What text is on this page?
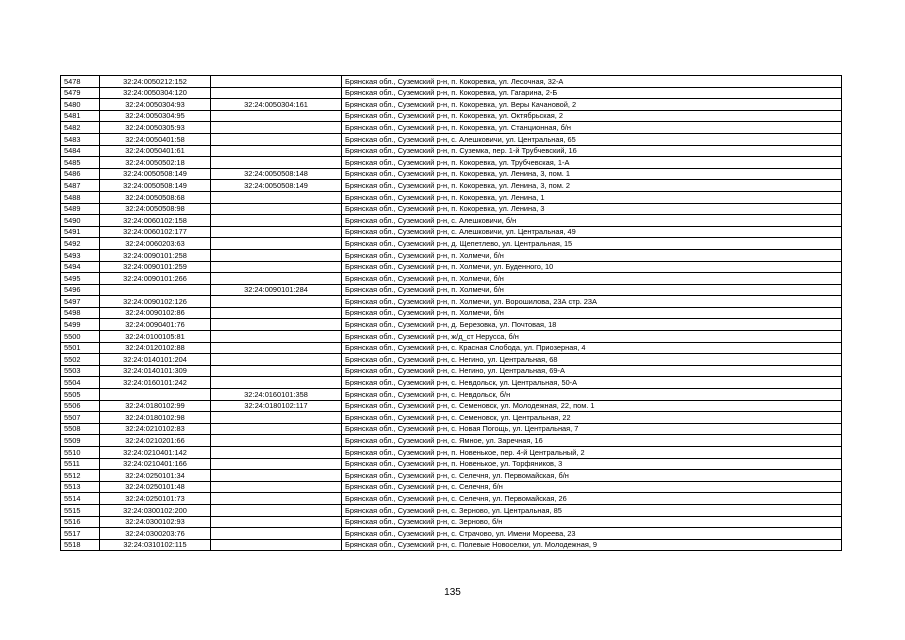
5478	32:24:0050212:152		Брянская обл., Суземский р-н, п. Кокоревка, ул. Лесочная, 32-А
5479	32:24:0050304:120		Брянская обл., Суземский р-н, п. Кокоревка, ул. Гагарина, 2-Б
5480	32:24:0050304:93	32:24:0050304:161	Брянская обл., Суземский р-н, п. Кокоревка, ул. Веры Качановой, 2
5481	32:24:0050304:95		Брянская обл., Суземский р-н, п. Кокоревка, ул. Октябрьская, 2
5482	32:24:0050305:93		Брянская обл., Суземский р-н, п. Кокоревка, ул. Станционная, б/н
5483	32:24:0050401:58		Брянская обл., Суземский р-н, с. Алешковичи, ул. Центральная, 65
5484	32:24:0050401:61		Брянская обл., Суземский р-н, п. Суземка, пер. 1-й Трубчевский, 16
5485	32:24:0050502:18		Брянская обл., Суземский р-н, п. Кокоревка, ул. Трубчевская, 1-А
5486	32:24:0050508:149	32:24:0050508:148	Брянская обл., Суземский р-н, п. Кокоревка, ул. Ленина, 3, пом. 1
5487	32:24:0050508:149	32:24:0050508:149	Брянская обл., Суземский р-н, п. Кокоревка, ул. Ленина, 3, пом. 2
5488	32:24:0050508:68		Брянская обл., Суземский р-н, п. Кокоревка, ул. Ленина, 1
5489	32:24:0050508:98		Брянская обл., Суземский р-н, п. Кокоревка, ул. Ленина, 3
5490	32:24:0060102:158		Брянская обл., Суземский р-н, с. Алешковичи, б/н
5491	32:24:0060102:177		Брянская обл., Суземский р-н, с. Алешковичи, ул. Центральная, 49
5492	32:24:0060203:63		Брянская обл., Суземский р-н, д. Щепетлево, ул. Центральная, 15
5493	32:24:0090101:258		Брянская обл., Суземский р-н, п. Холмечи, б/н
5494	32:24:0090101:259		Брянская обл., Суземский р-н, п. Холмечи, ул. Буденного, 10
5495	32:24:0090101:266		Брянская обл., Суземский р-н, п. Холмечи, б/н
5496		32:24:0090101:284	Брянская обл., Суземский р-н, п. Холмечи, б/н
5497	32:24:0090102:126		Брянская обл., Суземский р-н, п. Холмечи, ул. Ворошилова, 23А стр. 23А
5498	32:24:0090102:86		Брянская обл., Суземский р-н, п. Холмечи, б/н
5499	32:24:0090401:76		Брянская обл., Суземский р-н, д. Березовка, ул. Почтовая, 18
5500	32:24:0100105:81		Брянская обл., Суземский р-н, ж/д_ст Нерусса, б/н
5501	32:24:0120102:88		Брянская обл., Суземский р-н, с. Красная Слобода, ул. Приозерная, 4
5502	32:24:0140101:204		Брянская обл., Суземский р-н, с. Негино, ул. Центральная, 68
5503	32:24:0140101:309		Брянская обл., Суземский р-н, с. Негино, ул. Центральная, 69-А
5504	32:24:0160101:242		Брянская обл., Суземский р-н, с. Невдольск, ул. Центральная, 50-А
5505		32:24:0160101:358	Брянская обл., Суземский р-н, с. Невдольск, б/н
5506	32:24:0180102:99	32:24:0180102:117	Брянская обл., Суземский р-н, с. Семеновск, ул. Молодежная, 22, пом. 1
5507	32:24:0180102:98		Брянская обл., Суземский р-н, с. Семеновск, ул. Центральная, 22
5508	32:24:0210102:83		Брянская обл., Суземский р-н, с. Новая Погощь, ул. Центральная, 7
5509	32:24:0210201:66		Брянская обл., Суземский р-н, с. Ямное, ул. Заречная, 16
5510	32:24:0210401:142		Брянская обл., Суземский р-н, п. Новенькое, пер. 4-й Центральный, 2
5511	32:24:0210401:166		Брянская обл., Суземский р-н, п. Новенькое, ул. Торфяников, 3
5512	32:24:0250101:34		Брянская обл., Суземский р-н, с. Селечня, ул. Первомайская, б/н
5513	32:24:0250101:48		Брянская обл., Суземский р-н, с. Селечня, б/н
5514	32:24:0250101:73		Брянская обл., Суземский р-н, с. Селечня, ул. Первомайская, 26
5515	32:24:0300102:200		Брянская обл., Суземский р-н, с. Зерново, ул. Центральная, 85
5516	32:24:0300102:93		Брянская обл., Суземский р-н, с. Зерново, б/н
5517	32:24:0300203:76		Брянская обл., Суземский р-н, с. Страчово, ул. Имени Мореева, 23
5518	32:24:0310102:115		Брянская обл., Суземский р-н, с. Полевые Новоселки, ул. Молодежная, 9
135
